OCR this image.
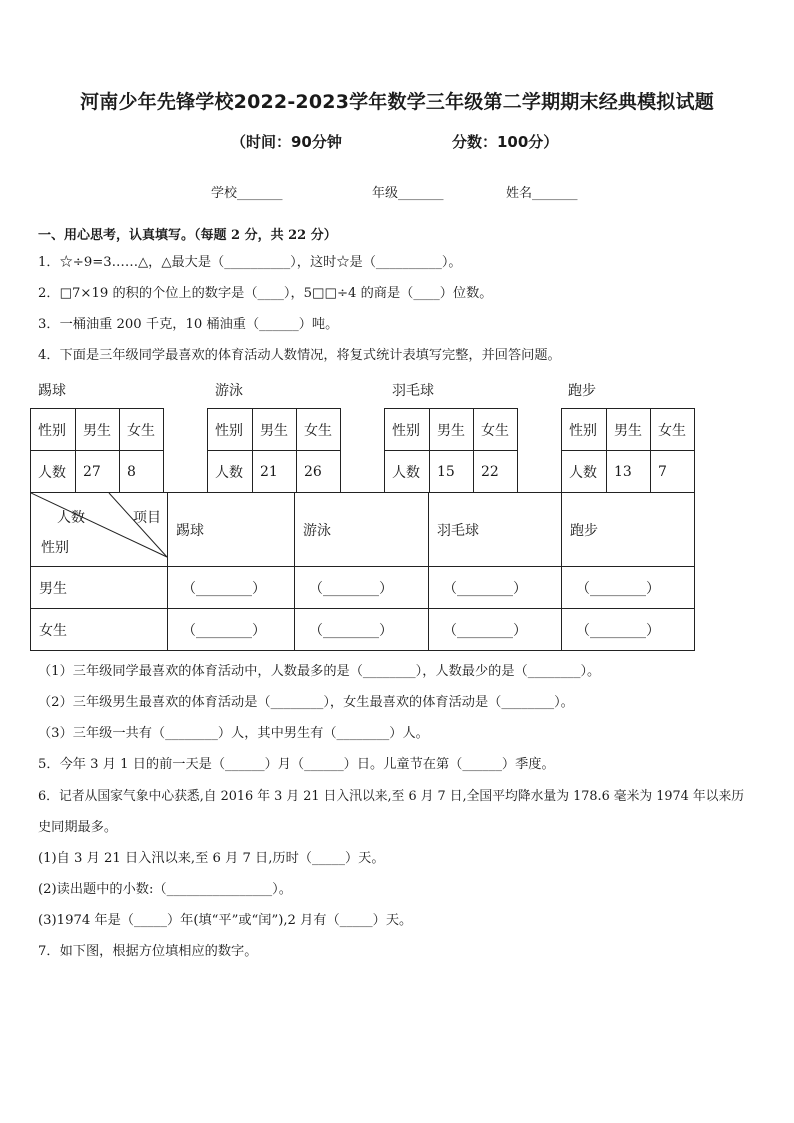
河南少年先锋学校2022-2023学年数学三年级第二学期期末经典模拟试题
（时间：90分钟	分数：100分）
学校_______	年级_______	姓名_______
一、用心思考，认真填写。（每题 2 分，共 22 分）
1．☆÷9=3……△，△最大是（__________），这时☆是（__________）。
2．□7×19 的积的个位上的数字是（____），5□□÷4 的商是（____）位数。
3．一桶油重 200 千克，10 桶油重（______）吨。
4．下面是三年级同学最喜欢的体育活动人数情况，将复式统计表填写完整，并回答问题。
踢球	游泳	羽毛球	跑步
性别	男生	女生
人数	27	8
性别	男生	女生
人数	21	26
性别	男生	女生
人数	15	22
性别	男生	女生
人数	13	7
人数 项目
性别	踢球	游泳	羽毛球	跑步
男生	（________）	（________）	（________）	（________）
女生	（________）	（________）	（________）	（________）
（1）三年级同学最喜欢的体育活动中，人数最多的是（________），人数最少的是（________）。
（2）三年级男生最喜欢的体育活动是（________），女生最喜欢的体育活动是（________）。
（3）三年级一共有（________）人，其中男生有（________）人。
5．今年 3 月 1 日的前一天是（______）月（______）日。儿童节在第（______）季度。
6．记者从国家气象中心获悉,自 2016 年 3 月 21 日入汛以来,至 6 月 7 日,全国平均降水量为 178.6 毫米为 1974 年以来历
史同期最多。
(1)自 3 月 21 日入汛以来,至 6 月 7 日,历时（_____）天。
(2)读出题中的小数:（________________）。
(3)1974 年是（_____）年(填“平”或“闰”),2 月有（_____）天。
7．如下图，根据方位填相应的数字。
